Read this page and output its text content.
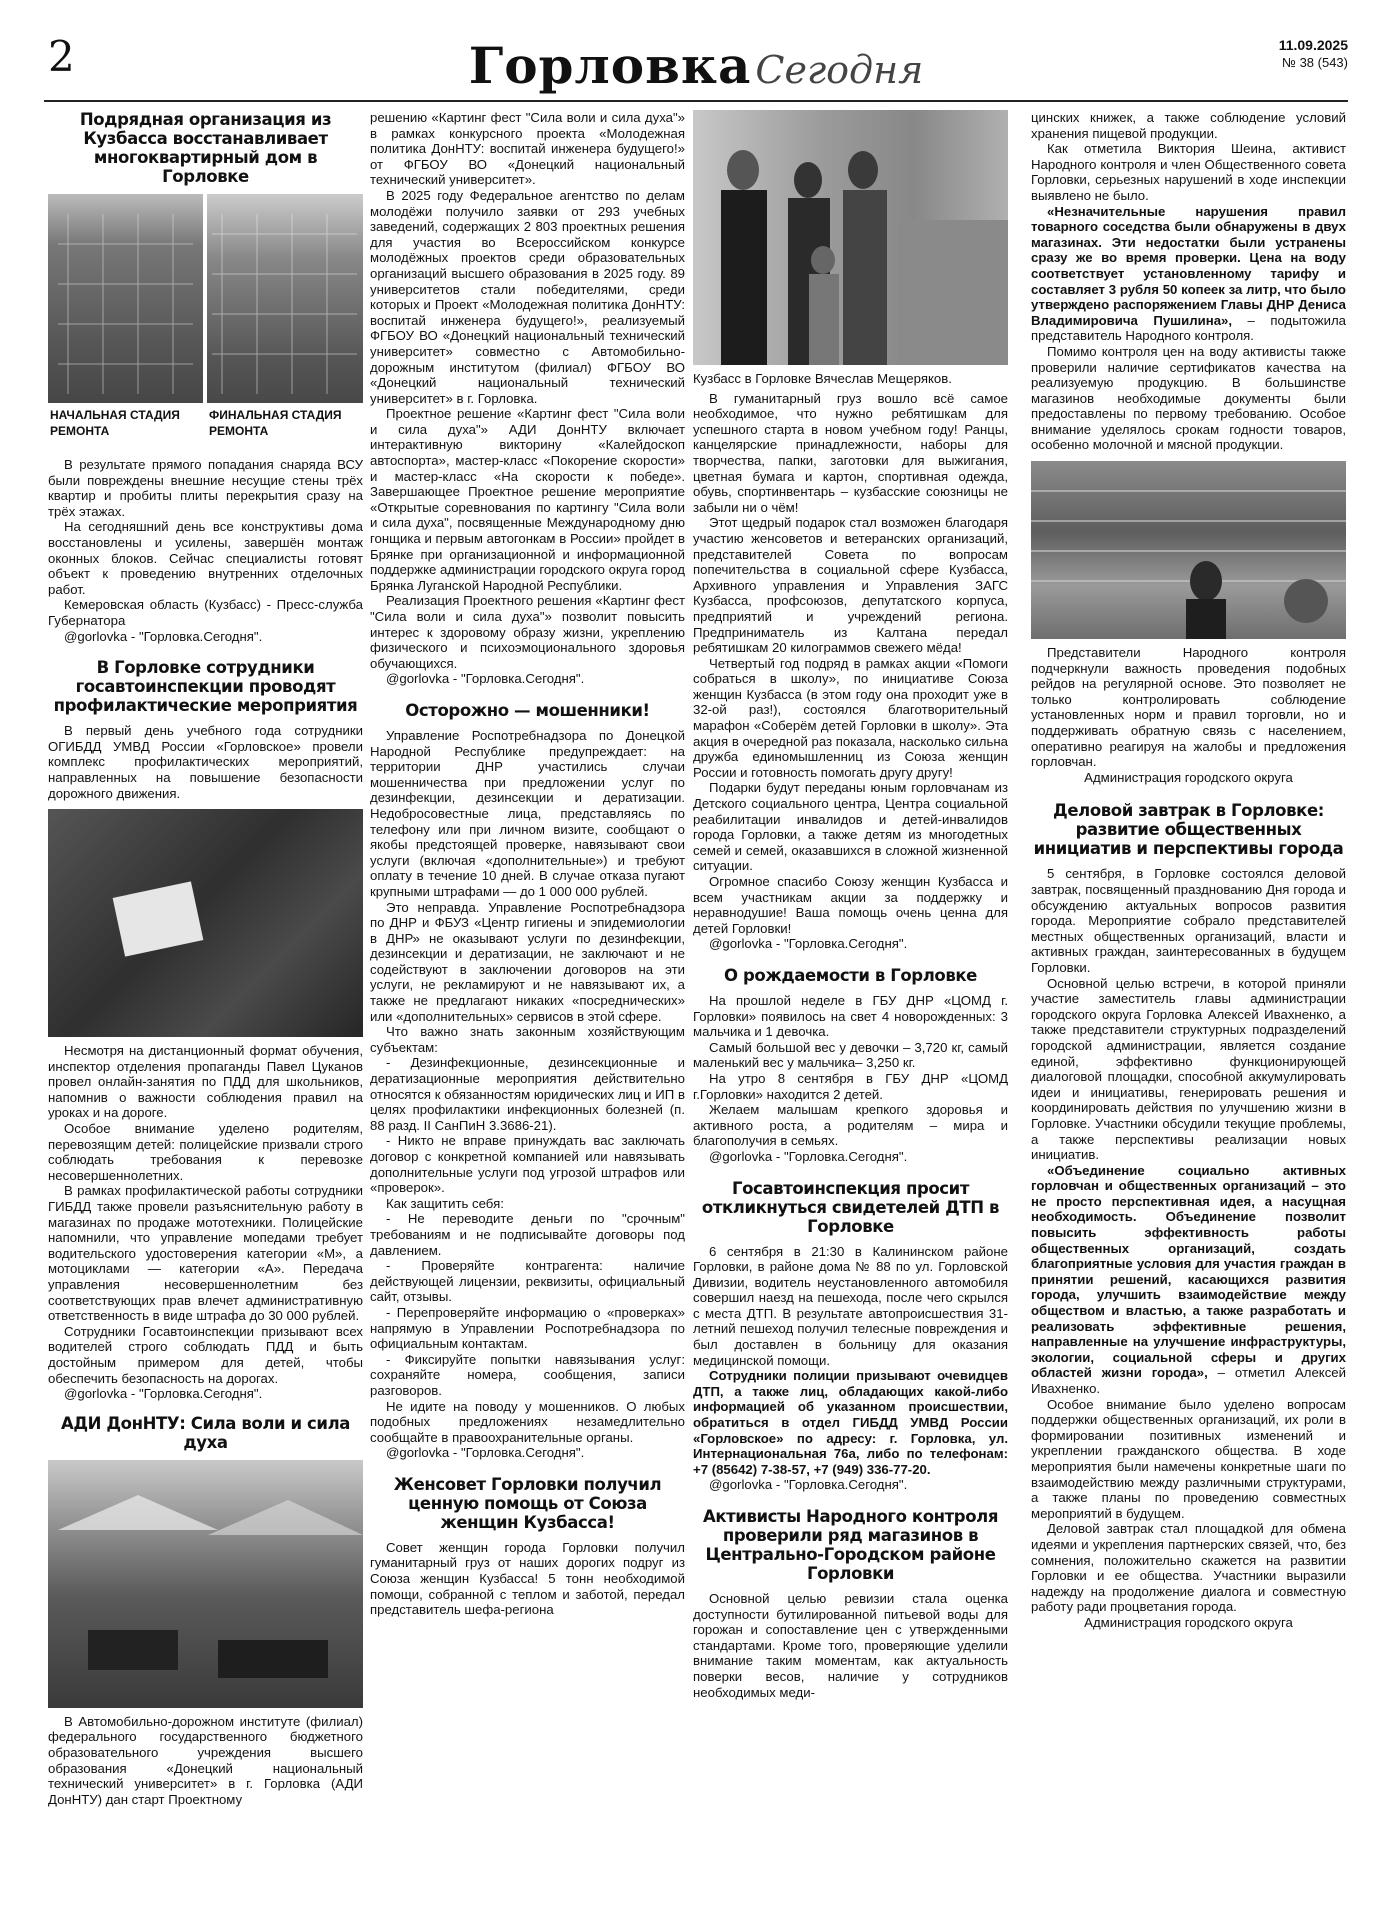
2	Горловка Сегодня
11.09.2025
№ 38 (543)
Подрядная организация из Кузбасса восстанавливает многоквартирный дом в Горловке
НАЧАЛЬНАЯ СТАДИЯ РЕМОНТА
ФИНАЛЬНАЯ СТАДИЯ РЕМОНТА

В результате прямого попадания снаряда ВСУ были повреждены внешние несущие стены трёх квартир и пробиты плиты перекрытия сразу на трёх этажах.

На сегодняшний день все конструктивы дома восстановлены и усилены, завершён монтаж оконных блоков. Сейчас специалисты готовят объект к проведению внутренних отделочных работ.

Кемеровская область (Кузбасс) - Пресс-служба Губернатора

@gorlovka - "Горловка.Сегодня".

В Горловке сотрудники госавтоинспекции проводят профилактические мероприятия

В первый день учебного года сотрудники ОГИБДД УМВД России «Горловское» провели комплекс профилактических мероприятий, направленных на повышение безопасности дорожного движения.

Несмотря на дистанционный формат обучения, инспектор отделения пропаганды Павел Цуканов провел онлайн-занятия по ПДД для школьников, напомнив о важности соблюдения правил на уроках и на дороге.

Особое внимание уделено родителям, перевозящим детей: полицейские призвали строго соблюдать требования к перевозке несовершеннолетних.

В рамках профилактической работы сотрудники ГИБДД также провели разъяснительную работу в магазинах по продаже мототехники. Полицейские напомнили, что управление мопедами требует водительского удостоверения категории «М», а мотоциклами — категории «А». Передача управления несовершеннолетним без соответствующих прав влечет административную ответственность в виде штрафа до 30 000 рублей.

Сотрудники Госавтоинспекции призывают всех водителей строго соблюдать ПДД и быть достойным примером для детей, чтобы обеспечить безопасность на дорогах.

@gorlovka - "Горловка.Сегодня".

АДИ ДонНТУ: Сила воли и сила духа

В Автомобильно-дорожном институте (филиал) федерального государственного бюджетного образовательного учреждения высшего образования «Донецкий национальный технический университет» в г. Горловка (АДИ ДонНТУ) дан старт Проектному

решению «Картинг фест "Сила воли и сила духа"» в рамках конкурсного проекта «Молодежная политика ДонНТУ: воспитай инженера будущего!» от ФГБОУ ВО «Донецкий национальный технический университет».

В 2025 году Федеральное агентство по делам молодёжи получило заявки от 293 учебных заведений, содержащих 2 803 проектных решения для участия во Всероссийском конкурсе молодёжных проектов среди образовательных организаций высшего образования в 2025 году. 89 университетов стали победителями, среди которых и Проект «Молодежная политика ДонНТУ: воспитай инженера будущего!», реализуемый ФГБОУ ВО «Донецкий национальный технический университет» совместно с Автомобильно-дорожным институтом (филиал) ФГБОУ ВО «Донецкий национальный технический университет» в г. Горловка.

Проектное решение «Картинг фест "Сила воли и сила духа"» АДИ ДонНТУ включает интерактивную викторину «Калейдоскоп автоспорта», мастер-класс «Покорение скорости» и мастер-класс «На скорости к победе». Завершающее Проектное решение мероприятие «Открытые соревнования по картингу "Сила воли и сила духа", посвященные Международному дню гонщика и первым автогонкам в России» пройдет в Брянке при организационной и информационной поддержке администрации городского округа город Брянка Луганской Народной Республики.

Реализация Проектного решения «Картинг фест "Сила воли и сила духа"» позволит повысить интерес к здоровому образу жизни, укреплению физического и психоэмоционального здоровья обучающихся.

@gorlovka - "Горловка.Сегодня".

Осторожно — мошенники!

Управление Роспотребнадзора по Донецкой Народной Республике предупреждает: на территории ДНР участились случаи мошенничества при предложении услуг по дезинфекции, дезинсекции и дератизации. Недобросовестные лица, представляясь по телефону или при личном визите, сообщают о якобы предстоящей проверке, навязывают свои услуги (включая «дополнительные») и требуют оплату в течение 10 дней. В случае отказа пугают крупными штрафами — до 1 000 000 рублей.

Это неправда. Управление Роспотребнадзора по ДНР и ФБУЗ «Центр гигиены и эпидемиологии в ДНР» не оказывают услуги по дезинфекции, дезинсекции и дератизации, не заключают и не содействуют в заключении договоров на эти услуги, не рекламируют и не навязывают их, а также не предлагают никаких «посреднических» или «дополнительных» сервисов в этой сфере.

Что важно знать законным хозяйствующим субъектам:

- Дезинфекционные, дезинсекционные и дератизационные мероприятия действительно относятся к обязанностям юридических лиц и ИП в целях профилактики инфекционных болезней (п. 88 разд. II СанПиН 3.3686-21).

- Никто не вправе принуждать вас заключать договор с конкретной компанией или навязывать дополнительные услуги под угрозой штрафов или «проверок».

Как защитить себя:

- Не переводите деньги по "срочным" требованиям и не подписывайте договоры под давлением.

- Проверяйте контрагента: наличие действующей лицензии, реквизиты, официальный сайт, отзывы.

- Перепроверяйте информацию о «проверках» напрямую в Управлении Роспотребнадзора по официальным контактам.

- Фиксируйте попытки навязывания услуг: сохраняйте номера, сообщения, записи разговоров.

Не идите на поводу у мошенников. О любых подобных предложениях незамедлительно сообщайте в правоохранительные органы.

@gorlovka - "Горловка.Сегодня".

Женсовет Горловки получил ценную помощь от Союза женщин Кузбасса!

Совет женщин города Горловки получил гуманитарный груз от наших дорогих подруг из Союза женщин Кузбасса! 5 тонн необходимой помощи, собранной с теплом и заботой, передал представитель шефа-региона

Кузбасс в Горловке Вячеслав Мещеряков.

В гуманитарный груз вошло всё самое необходимое, что нужно ребятишкам для успешного старта в новом учебном году! Ранцы, канцелярские принадлежности, наборы для творчества, папки, заготовки для выжигания, цветная бумага и картон, спортивная одежда, обувь, спортинвентарь – кузбасские союзницы не забыли ни о чём!

Этот щедрый подарок стал возможен благодаря участию женсоветов и ветеранских организаций, представителей Совета по вопросам попечительства в социальной сфере Кузбасса, Архивного управления и Управления ЗАГС Кузбасса, профсоюзов, депутатского корпуса, предприятий и учреждений региона. Предприниматель из Калтана передал ребятишкам 20 килограммов свежего мёда!

Четвертый год подряд в рамках акции «Помоги собраться в школу», по инициативе Союза женщин Кузбасса (в этом году она проходит уже в 32-ой раз!), состоялся благотворительный марафон «Соберём детей Горловки в школу». Эта акция в очередной раз показала, насколько сильна дружба единомышленниц из Союза женщин России и готовность помогать другу другу!

Подарки будут переданы юным горловчанам из Детского социального центра, Центра социальной реабилитации инвалидов и детей-инвалидов города Горловки, а также детям из многодетных семей и семей, оказавшихся в сложной жизненной ситуации.

Огромное спасибо Союзу женщин Кузбасса и всем участникам акции за поддержку и неравнодушие! Ваша помощь очень ценна для детей Горловки!

@gorlovka - "Горловка.Сегодня".

О рождаемости в Горловке

На прошлой неделе в ГБУ ДНР «ЦОМД г. Горловки» появилось на свет 4 новорожденных: 3 мальчика и 1 девочка.

Самый большой вес у девочки – 3,720 кг, самый маленький вес у мальчика– 3,250 кг.

На утро 8 сентября в ГБУ ДНР «ЦОМД г.Горловки» находится 2 детей.

Желаем малышам крепкого здоровья и активного роста, а родителям – мира и благополучия в семьях.

@gorlovka - "Горловка.Сегодня".

Госавтоинспекция просит откликнуться свидетелей ДТП в Горловке

6 сентября в 21:30 в Калининском районе Горловки, в районе дома № 88 по ул. Горловской Дивизии, водитель неустановленного автомобиля совершил наезд на пешехода, после чего скрылся с места ДТП. В результате автопроисшествия 31-летний пешеход получил телесные повреждения и был доставлен в больницу для оказания медицинской помощи.

Сотрудники полиции призывают очевидцев ДТП, а также лиц, обладающих какой-либо информацией об указанном происшествии, обратиться в отдел ГИБДД УМВД России «Горловское» по адресу: г. Горловка, ул. Интернациональная 76а, либо по телефонам: +7 (85642) 7-38-57, +7 (949) 336-77-20.

@gorlovka - "Горловка.Сегодня".

Активисты Народного контроля проверили ряд магазинов в Центрально-Городском районе Горловки

Основной целью ревизии стала оценка доступности бутилированной питьевой воды для горожан и сопоставление цен с утвержденными стандартами. Кроме того, проверяющие уделили внимание таким моментам, как актуальность поверки весов, наличие у сотрудников необходимых меди-

цинских книжек, а также соблюдение условий хранения пищевой продукции.

Как отметила Виктория Шеина, активист Народного контроля и член Общественного совета Горловки, серьезных нарушений в ходе инспекции выявлено не было.

«Незначительные нарушения правил товарного соседства были обнаружены в двух магазинах. Эти недостатки были устранены сразу же во время проверки. Цена на воду соответствует установленному тарифу и составляет 3 рубля 50 копеек за литр, что было утверждено распоряжением Главы ДНР Дениса Владимировича Пушилина», – подытожила представитель Народного контроля.

Помимо контроля цен на воду активисты также проверили наличие сертификатов качества на реализуемую продукцию. В большинстве магазинов необходимые документы были предоставлены по первому требованию. Особое внимание уделялось срокам годности товаров, особенно молочной и мясной продукции.

Представители Народного контроля подчеркнули важность проведения подобных рейдов на регулярной основе. Это позволяет не только контролировать соблюдение установленных норм и правил торговли, но и поддерживать обратную связь с населением, оперативно реагируя на жалобы и предложения горловчан.

Администрация городского округа

Деловой завтрак в Горловке: развитие общественных инициатив и перспективы города

5 сентября, в Горловке состоялся деловой завтрак, посвященный празднованию Дня города и обсуждению актуальных вопросов развития города. Мероприятие собрало представителей местных общественных организаций, власти и активных граждан, заинтересованных в будущем Горловки.

Основной целью встречи, в которой приняли участие заместитель главы администрации городского округа Горловка Алексей Ивахненко, а также представители структурных подразделений городской администрации, является создание единой, эффективно функционирующей диалоговой площадки, способной аккумулировать идеи и инициативы, генерировать решения и координировать действия по улучшению жизни в Горловке. Участники обсудили текущие проблемы, а также перспективы реализации новых инициатив.

«Объединение социально активных горловчан и общественных организаций – это не просто перспективная идея, а насущная необходимость. Объединение позволит повысить эффективность работы общественных организаций, создать благоприятные условия для участия граждан в принятии решений, касающихся развития города, улучшить взаимодействие между обществом и властью, а также разработать и реализовать эффективные решения, направленные на улучшение инфраструктуры, экологии, социальной сферы и других областей жизни города», – отметил Алексей Ивахненко.

Особое внимание было уделено вопросам поддержки общественных организаций, их роли в формировании позитивных изменений и укреплении гражданского общества. В ходе мероприятия были намечены конкретные шаги по взаимодействию между различными структурами, а также планы по проведению совместных мероприятий в будущем.

Деловой завтрак стал площадкой для обмена идеями и укрепления партнерских связей, что, без сомнения, положительно скажется на развитии Горловки и ее общества. Участники выразили надежду на продолжение диалога и совместную работу ради процветания города.

Администрация городского округа
